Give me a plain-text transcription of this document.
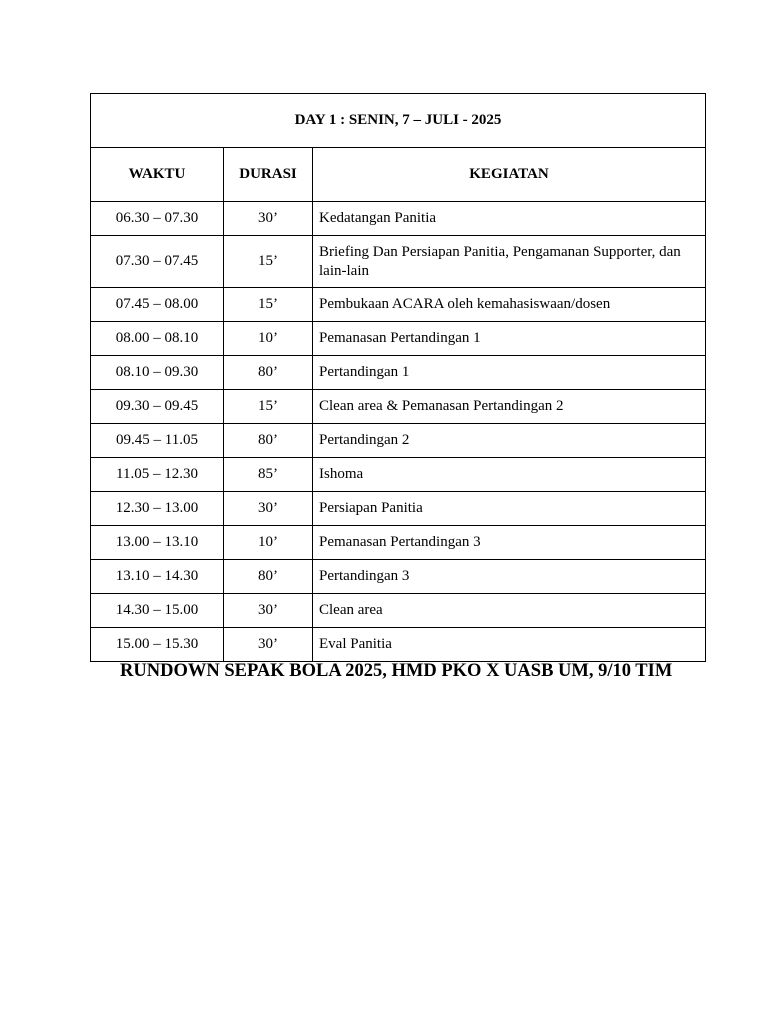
DAY 1 : SENIN, 7 – JULI - 2025		
WAKTU	DURASI	KEGIATAN
06.30 – 07.30	30’	Kedatangan Panitia
07.30 – 07.45	15’	Briefing Dan Persiapan Panitia, Pengamanan Supporter, dan lain-lain
07.45 – 08.00	15’	Pembukaan ACARA oleh kemahasiswaan/dosen
08.00 – 08.10	10’	Pemanasan Pertandingan 1
08.10 – 09.30	80’	Pertandingan 1
09.30 – 09.45	15’	Clean area & Pemanasan Pertandingan 2
09.45 – 11.05	80’	Pertandingan 2
11.05 – 12.30	85’	Ishoma
12.30 – 13.00	30’	Persiapan Panitia
13.00 – 13.10	10’	Pemanasan Pertandingan 3
13.10 – 14.30	80’	Pertandingan 3
14.30 – 15.00	30’	Clean area
15.00 – 15.30	30’	Eval Panitia
RUNDOWN SEPAK BOLA 2025, HMD PKO X UASB UM, 9/10 TIM
